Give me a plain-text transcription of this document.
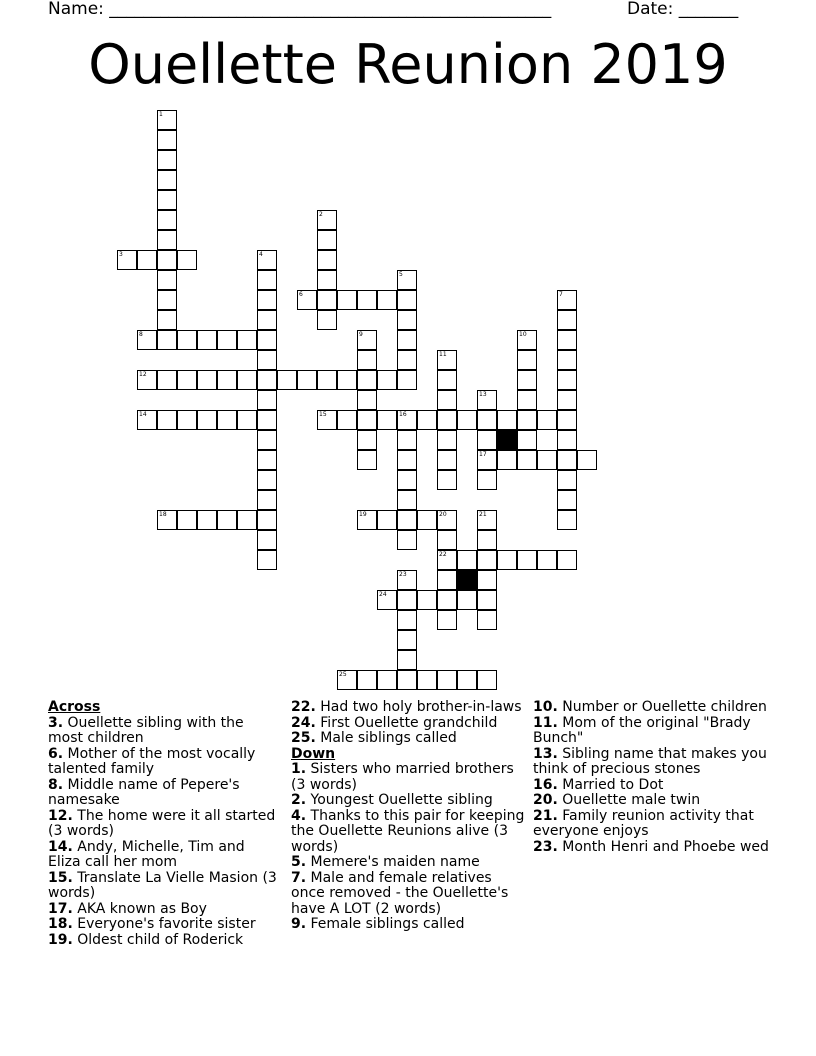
Name: ____________________________________________________	Date: _______
Ouellette Reunion 2019
1
2
3	4
5
6	7
8	9	10
11
12
13
14	15	16
17
18	19	20	21
22
23
24
25

Across

3. Ouellette sibling with the most children

6. Mother of the most vocally talented family

8. Middle name of Pepere's namesake

12. The home were it all started (3 words)

14. Andy, Michelle, Tim and Eliza call her mom

15. Translate La Vielle Masion (3 words)

17. AKA known as Boy

18. Everyone's favorite sister

19. Oldest child of Roderick

22. Had two holy brother-in-laws

24. First Ouellette grandchild

25. Male siblings called

Down

1. Sisters who married brothers (3 words)

2. Youngest Ouellette sibling

4. Thanks to this pair for keeping the Ouellette Reunions alive (3 words)

5. Memere's maiden name

7. Male and female relatives once removed - the Ouellette's have A LOT (2 words)

9. Female siblings called

10. Number or Ouellette children

11. Mom of the original "Brady Bunch"

13. Sibling name that makes you think of precious stones

16. Married to Dot

20. Ouellette male twin

21. Family reunion activity that everyone enjoys

23. Month Henri and Phoebe wed
